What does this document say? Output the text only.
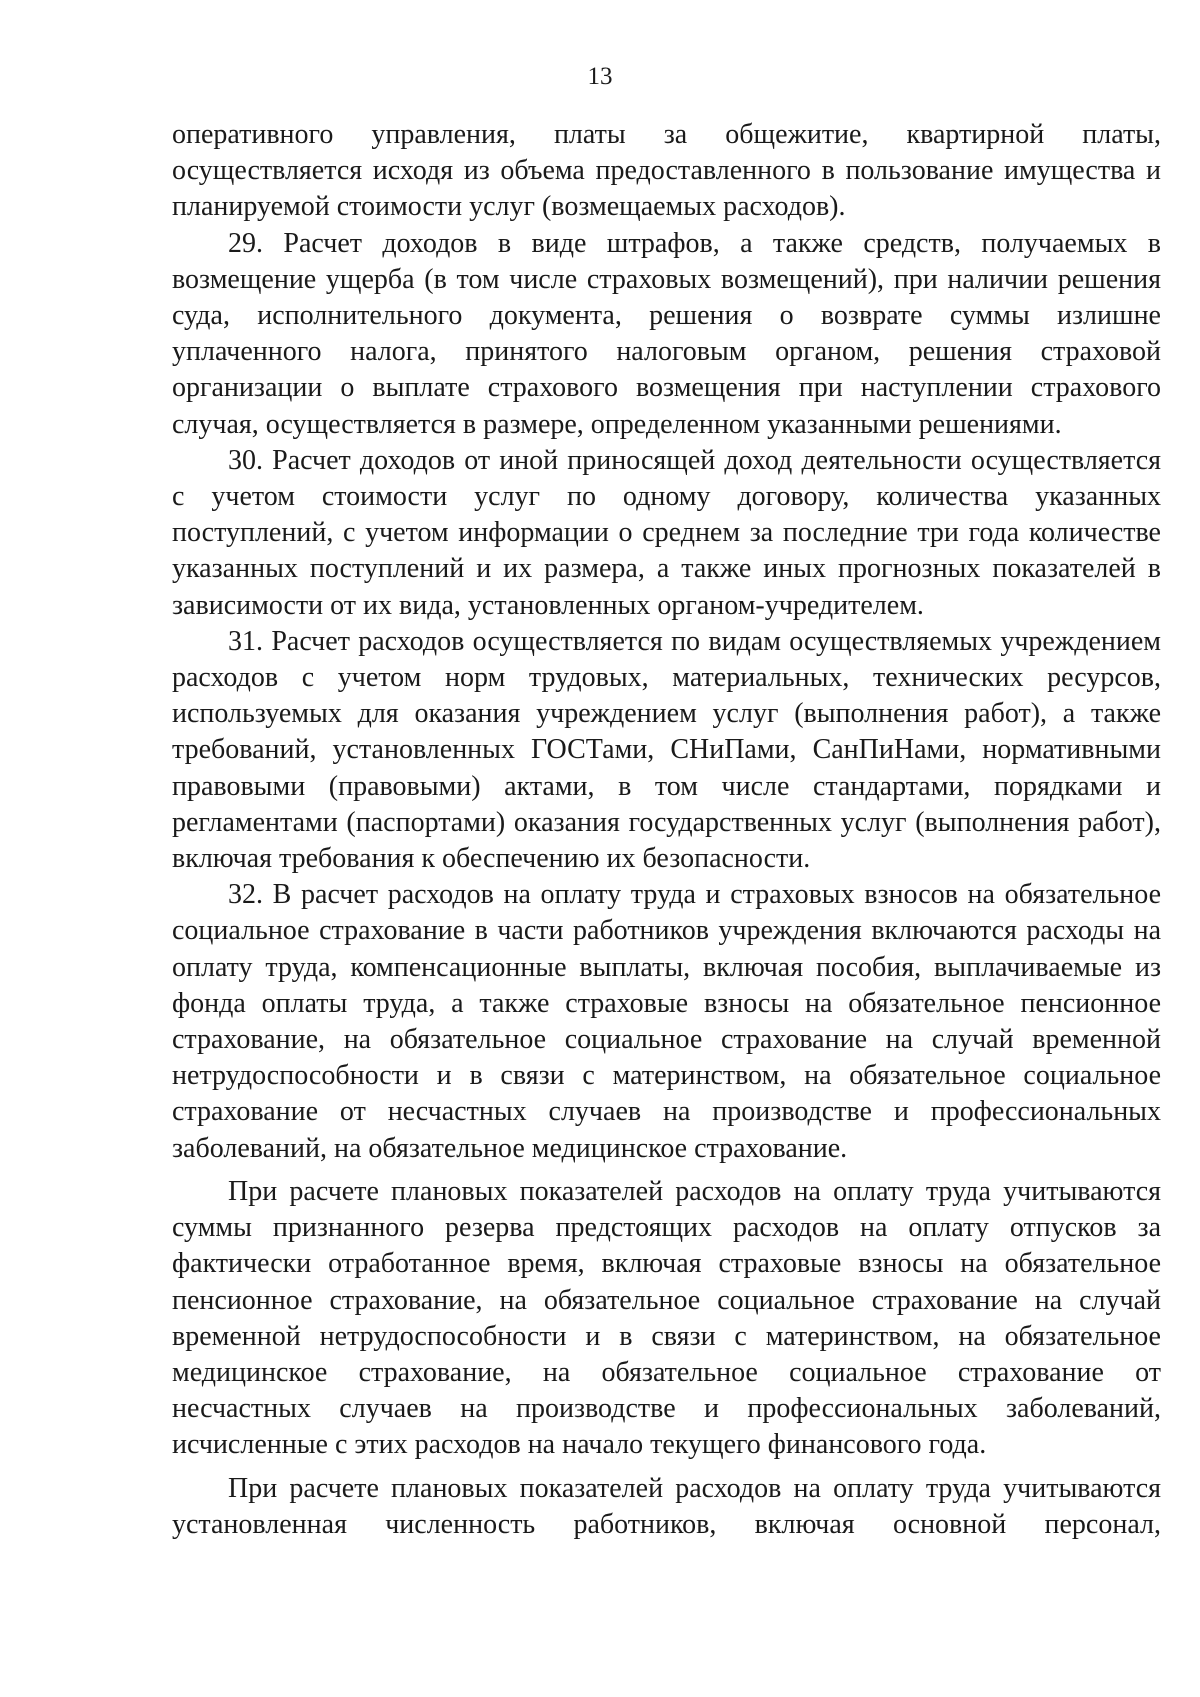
13

оперативного управления, платы за общежитие, квартирной платы, осуществляется исходя из объема предоставленного в пользование имущества и планируемой стоимости услуг (возмещаемых расходов).

29. Расчет доходов в виде штрафов, а также средств, получаемых в возмещение ущерба (в том числе страховых возмещений), при наличии решения суда, исполнительного документа, решения о возврате суммы излишне уплаченного налога, принятого налоговым органом, решения страховой организации о выплате страхового возмещения при наступлении страхового случая, осуществляется в размере, определенном указанными решениями.

30. Расчет доходов от иной приносящей доход деятельности осуществляется с учетом стоимости услуг по одному договору, количества указанных поступлений, с учетом информации о среднем за последние три года количестве указанных поступлений и их размера, а также иных прогнозных показателей в зависимости от их вида, установленных органом-учредителем.

31. Расчет расходов осуществляется по видам осуществляемых учреждением расходов с учетом норм трудовых, материальных, технических ресурсов, используемых для оказания учреждением услуг (выполнения работ), а также требований, установленных ГОСТами, СНиПами, СанПиНами, нормативными правовыми (правовыми) актами, в том числе стандартами, порядками и регламентами (паспортами) оказания государственных услуг (выполнения работ), включая требования к обеспечению их безопасности.

32. В расчет расходов на оплату труда и страховых взносов на обязательное социальное страхование в части работников учреждения включаются расходы на оплату труда, компенсационные выплаты, включая пособия, выплачиваемые из фонда оплаты труда, а также страховые взносы на обязательное пенсионное страхование, на обязательное социальное страхование на случай временной нетрудоспособности и в связи с материнством, на обязательное социальное страхование от несчастных случаев на производстве и профессиональных заболеваний, на обязательное медицинское страхование.

При расчете плановых показателей расходов на оплату труда учитываются суммы признанного резерва предстоящих расходов на оплату отпусков за фактически отработанное время, включая страховые взносы на обязательное пенсионное страхование, на обязательное социальное страхование на случай временной нетрудоспособности и в связи с материнством, на обязательное медицинское страхование, на обязательное социальное страхование от несчастных случаев на производстве и профессиональных заболеваний, исчисленные с этих расходов на начало текущего финансового года.

При расчете плановых показателей расходов на оплату труда учитываются установленная численность работников, включая основной персонал,
